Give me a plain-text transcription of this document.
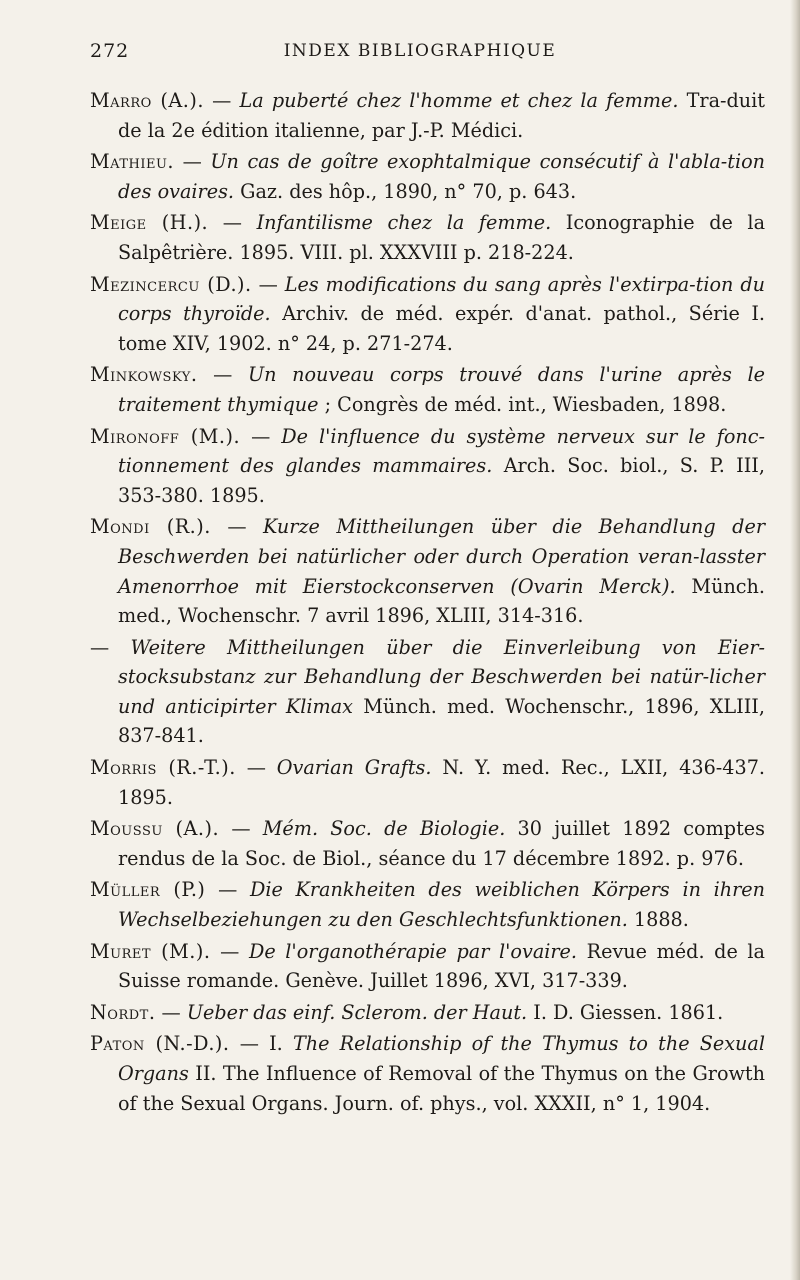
272	INDEX BIBLIOGRAPHIQUE

Marro (A.). — La puberté chez l'homme et chez la femme. Tra-duit de la 2e édition italienne, par J.-P. Médici.

Mathieu. — Un cas de goître exophtalmique consécutif à l'abla-tion des ovaires. Gaz. des hôp., 1890, n° 70, p. 643.

Meige (H.). — Infantilisme chez la femme. Iconographie de la Salpêtrière. 1895. VIII. pl. XXXVIII p. 218-224.

Mezincercu (D.). — Les modifications du sang après l'extirpa-tion du corps thyroïde. Archiv. de méd. expér. d'anat. pathol., Série I. tome XIV, 1902. n° 24, p. 271-274.

Minkowsky. — Un nouveau corps trouvé dans l'urine après le traitement thymique ; Congrès de méd. int., Wiesbaden, 1898.

Mironoff (M.). — De l'influence du système nerveux sur le fonc-tionnement des glandes mammaires. Arch. Soc. biol., S. P. III, 353-380. 1895.

Mondi (R.). — Kurze Mittheilungen über die Behandlung der Beschwerden bei natürlicher oder durch Operation veran-lasster Amenorrhoe mit Eierstockconserven (Ovarin Merck). Münch. med., Wochenschr. 7 avril 1896, XLIII, 314-316.

— Weitere Mittheilungen über die Einverleibung von Eier-stocksubstanz zur Behandlung der Beschwerden bei natür-licher und anticipirter Klimax Münch. med. Wochenschr., 1896, XLIII, 837-841.

Morris (R.-T.). — Ovarian Grafts. N. Y. med. Rec., LXII, 436-437. 1895.

Moussu (A.). — Mém. Soc. de Biologie. 30 juillet 1892 comptes rendus de la Soc. de Biol., séance du 17 décembre 1892. p. 976.

Müller (P.) — Die Krankheiten des weiblichen Körpers in ihren Wechselbeziehungen zu den Geschlechtsfunktionen. 1888.

Muret (M.). — De l'organothérapie par l'ovaire. Revue méd. de la Suisse romande. Genève. Juillet 1896, XVI, 317-339.

Nordt. — Ueber das einf. Sclerom. der Haut. I. D. Giessen. 1861.

Paton (N.-D.). — I. The Relationship of the Thymus to the Sexual Organs II. The Influence of Removal of the Thymus on the Growth of the Sexual Organs. Journ. of. phys., vol. XXXII, n° 1, 1904.
